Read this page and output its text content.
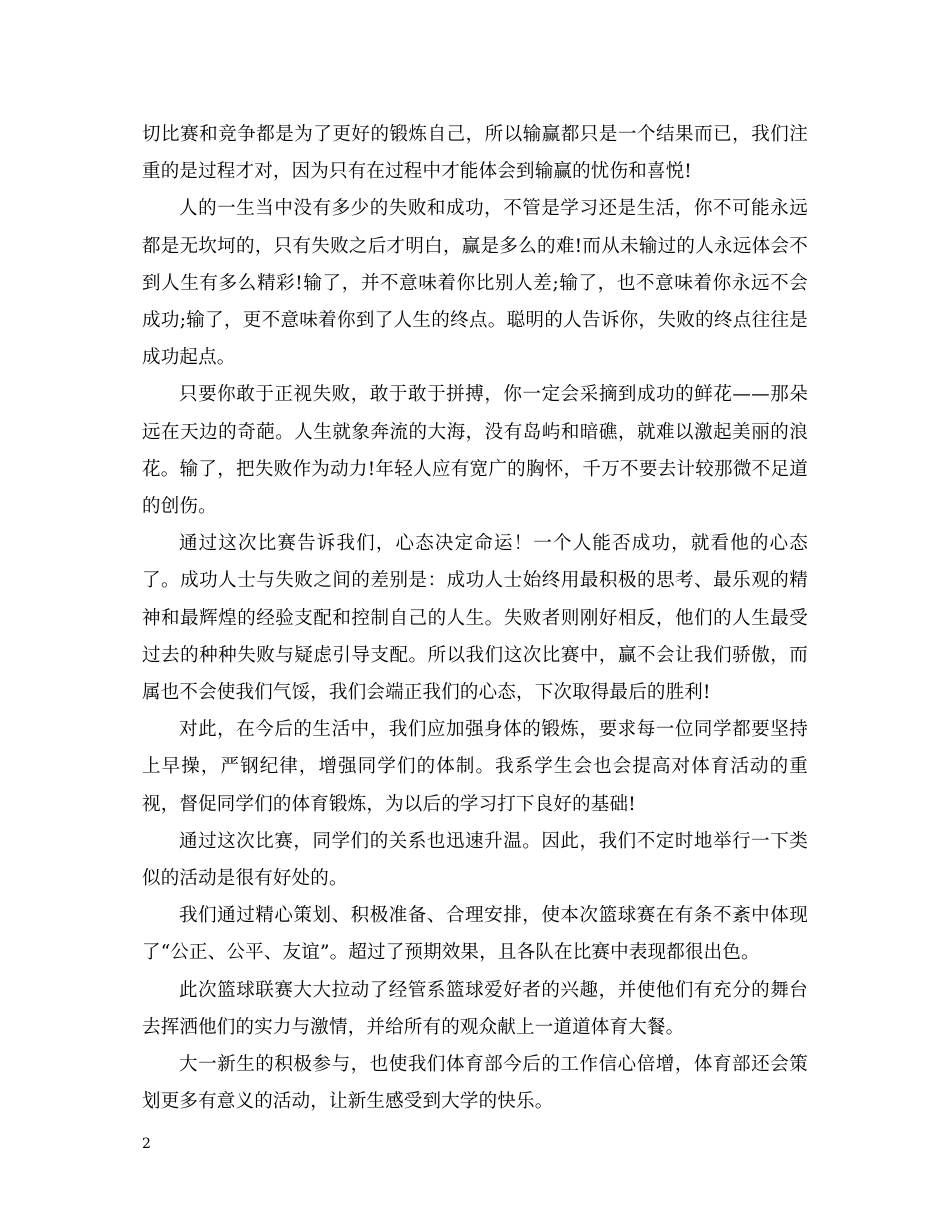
切比赛和竞争都是为了更好的锻炼自己，所以输赢都只是一个结果而已，我们注重的是过程才对，因为只有在过程中才能体会到输赢的忧伤和喜悦!

人的一生当中没有多少的失败和成功，不管是学习还是生活，你不可能永远都是无坎坷的，只有失败之后才明白，赢是多么的难!而从未输过的人永远体会不到人生有多么精彩!输了，并不意味着你比别人差;输了，也不意味着你永远不会成功;输了，更不意味着你到了人生的终点。聪明的人告诉你，失败的终点往往是成功起点。

只要你敢于正视失败，敢于敢于拼搏，你一定会采摘到成功的鲜花——那朵远在天边的奇葩。人生就象奔流的大海，没有岛屿和暗礁，就难以激起美丽的浪花。输了，把失败作为动力!年轻人应有宽广的胸怀，千万不要去计较那微不足道的创伤。

通过这次比赛告诉我们，心态决定命运！一个人能否成功，就看他的心态了。成功人士与失败之间的差别是：成功人士始终用最积极的思考、最乐观的精神和最辉煌的经验支配和控制自己的人生。失败者则刚好相反，他们的人生最受过去的种种失败与疑虑引导支配。所以我们这次比赛中，赢不会让我们骄傲，而属也不会使我们气馁，我们会端正我们的心态，下次取得最后的胜利!

对此，在今后的生活中，我们应加强身体的锻炼，要求每一位同学都要坚持上早操，严钢纪律，增强同学们的体制。我系学生会也会提高对体育活动的重视，督促同学们的体育锻炼，为以后的学习打下良好的基础!

通过这次比赛，同学们的关系也迅速升温。因此，我们不定时地举行一下类似的活动是很有好处的。

我们通过精心策划、积极准备、合理安排，使本次篮球赛在有条不紊中体现了“公正、公平、友谊”。超过了预期效果，且各队在比赛中表现都很出色。

此次篮球联赛大大拉动了经管系篮球爱好者的兴趣，并使他们有充分的舞台去挥洒他们的实力与激情，并给所有的观众献上一道道体育大餐。

大一新生的积极参与，也使我们体育部今后的工作信心倍增，体育部还会策划更多有意义的活动，让新生感受到大学的快乐。

2
